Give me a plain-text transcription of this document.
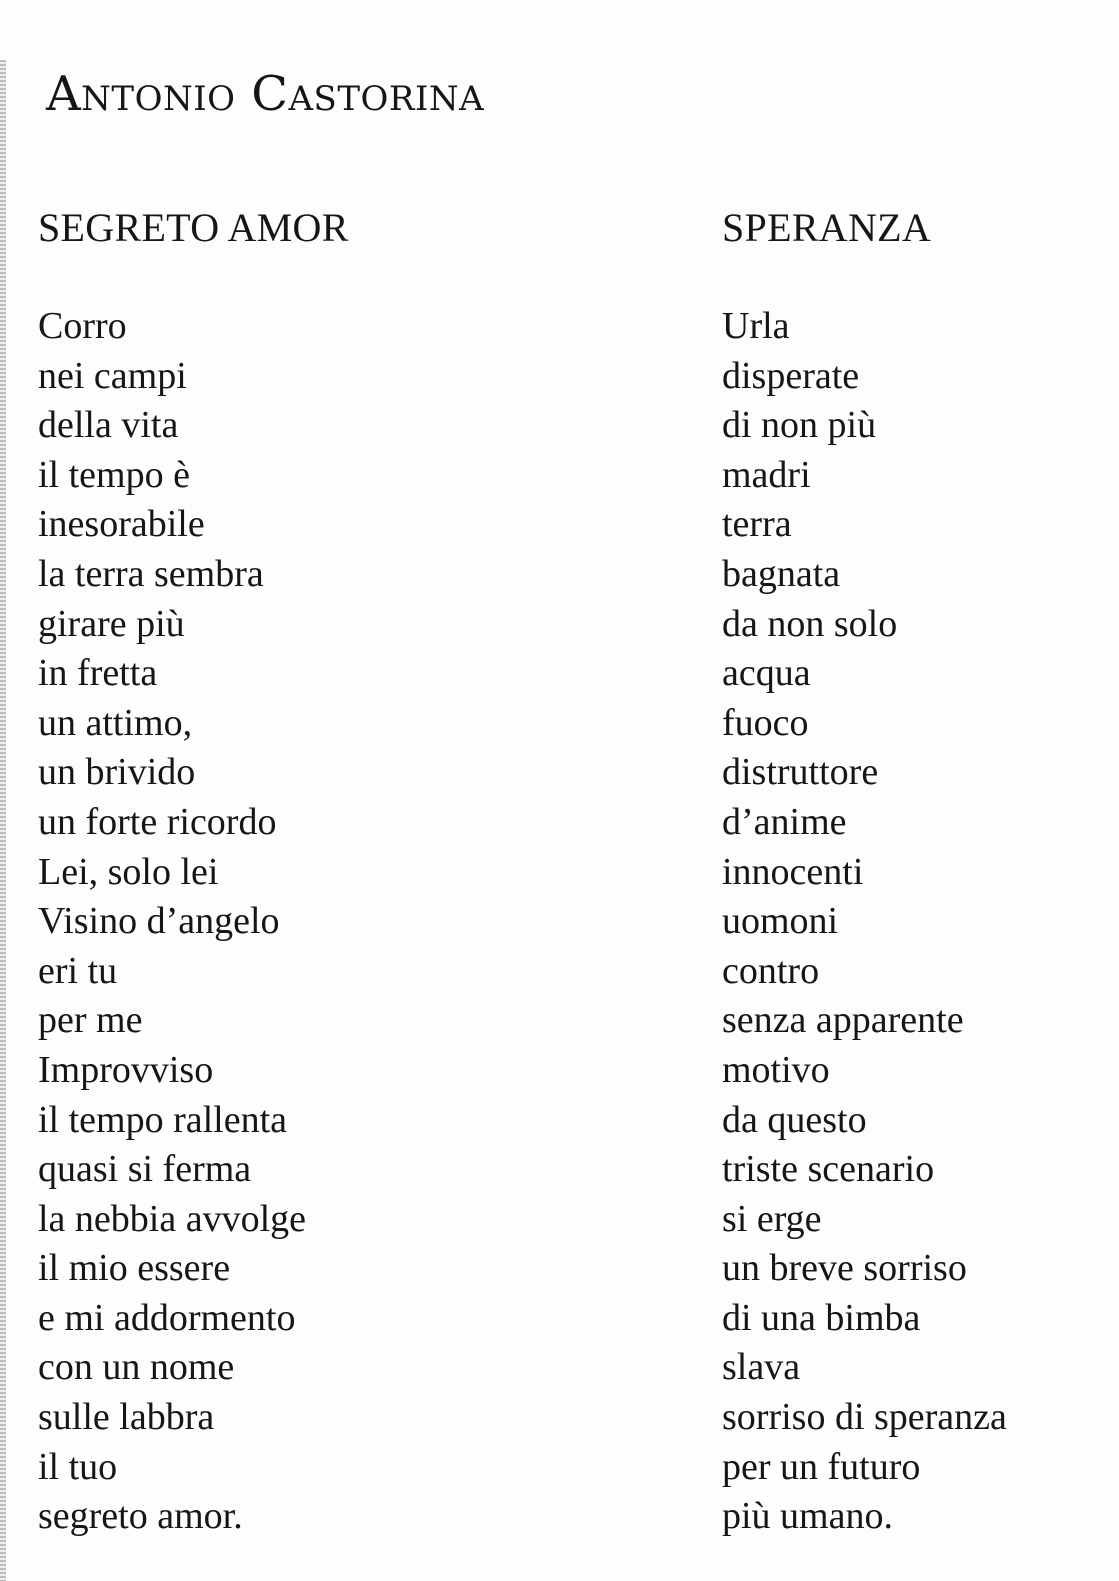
Antonio Castorina
SEGRETO AMOR
Corro
nei campi
della vita
il tempo è
inesorabile
la terra sembra
girare più
in fretta
un attimo,
un brivido
un forte ricordo
Lei, solo lei
Visino d’angelo
eri tu
per me
Improvviso
il tempo rallenta
quasi si ferma
la nebbia avvolge
il mio essere
e mi addormento
con un nome
sulle labbra
il tuo
segreto amor.
SPERANZA
Urla
disperate
di non più
madri
terra
bagnata
da non solo
acqua
fuoco
distruttore
d’anime
innocenti
uomoni
contro
senza apparente
motivo
da questo
triste scenario
si erge
un breve sorriso
di una bimba
slava
sorriso di speranza
per un futuro
più umano.
